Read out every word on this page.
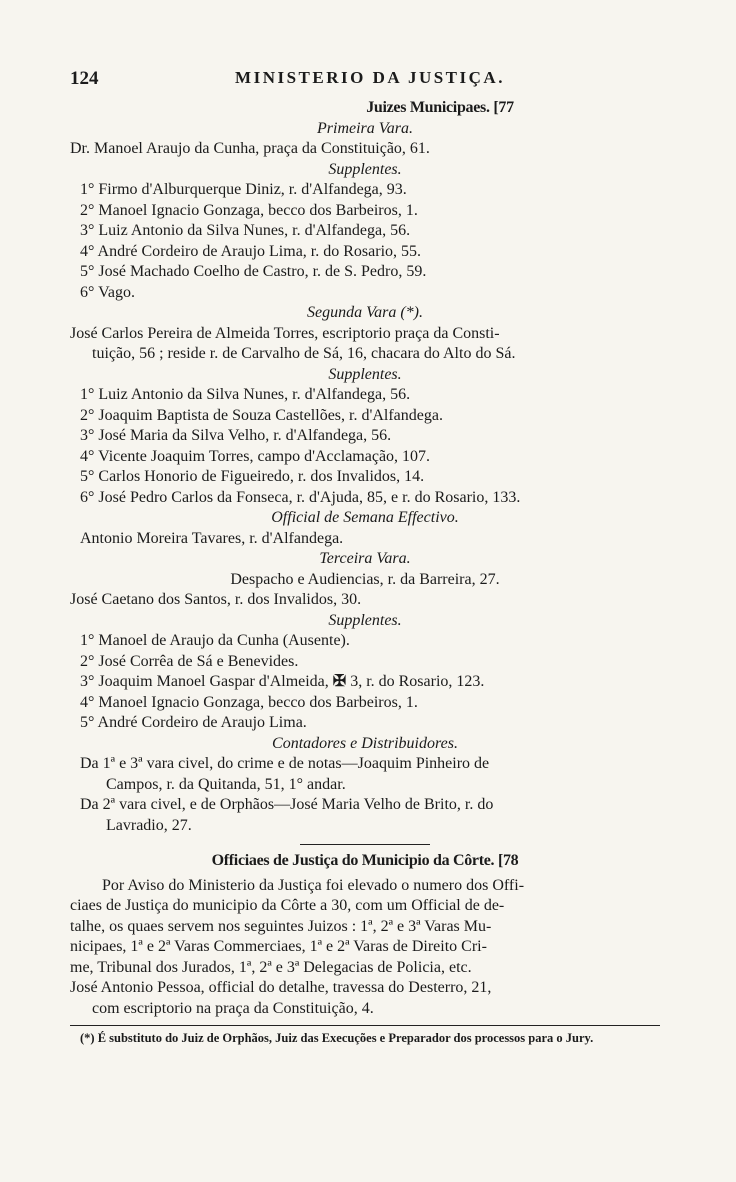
124	MINISTERIO DA JUSTIÇA.
Juizes Municipaes. [77
Primeira Vara.
Dr. Manoel Araujo da Cunha, praça da Constituição, 61.
Supplentes.
1° Firmo d'Alburquerque Diniz, r. d'Alfandega, 93.
2° Manoel Ignacio Gonzaga, becco dos Barbeiros, 1.
3° Luiz Antonio da Silva Nunes, r. d'Alfandega, 56.
4° André Cordeiro de Araujo Lima, r. do Rosario, 55.
5° José Machado Coelho de Castro, r. de S. Pedro, 59.
6° Vago.
Segunda Vara (*).
José Carlos Pereira de Almeida Torres, escriptorio praça da Consti-
tuição, 56 ; reside r. de Carvalho de Sá, 16, chacara do Alto do Sá.
Supplentes.
1° Luiz Antonio da Silva Nunes, r. d'Alfandega, 56.
2° Joaquim Baptista de Souza Castellões, r. d'Alfandega.
3° José Maria da Silva Velho, r. d'Alfandega, 56.
4° Vicente Joaquim Torres, campo d'Acclamação, 107.
5° Carlos Honorio de Figueiredo, r. dos Invalidos, 14.
6° José Pedro Carlos da Fonseca, r. d'Ajuda, 85, e r. do Rosario, 133.
Official de Semana Effectivo.
Antonio Moreira Tavares, r. d'Alfandega.
Terceira Vara.
Despacho e Audiencias, r. da Barreira, 27.
José Caetano dos Santos, r. dos Invalidos, 30.
Supplentes.
1° Manoel de Araujo da Cunha (Ausente).
2° José Corrêa de Sá e Benevides.
3° Joaquim Manoel Gaspar d'Almeida, ✠ 3, r. do Rosario, 123.
4° Manoel Ignacio Gonzaga, becco dos Barbeiros, 1.
5° André Cordeiro de Araujo Lima.
Contadores e Distribuidores.
Da 1ª e 3ª vara civel, do crime e de notas—Joaquim Pinheiro de
Campos, r. da Quitanda, 51, 1° andar.
Da 2ª vara civel, e de Orphãos—José Maria Velho de Brito, r. do
Lavradio, 27.
Officiaes de Justiça do Municipio da Côrte. [78
Por Aviso do Ministerio da Justiça foi elevado o numero dos Offi-
ciaes de Justiça do municipio da Côrte a 30, com um Official de de-
talhe, os quaes servem nos seguintes Juizos : 1ª, 2ª e 3ª Varas Mu-
nicipaes, 1ª e 2ª Varas Commerciaes, 1ª e 2ª Varas de Direito Cri-
me, Tribunal dos Jurados, 1ª, 2ª e 3ª Delegacias de Policia, etc.
José Antonio Pessoa, official do detalhe, travessa do Desterro, 21,
com escriptorio na praça da Constituição, 4.
(*) É substituto do Juiz de Orphãos, Juiz das Execuções e Preparador dos processos para o Jury.
